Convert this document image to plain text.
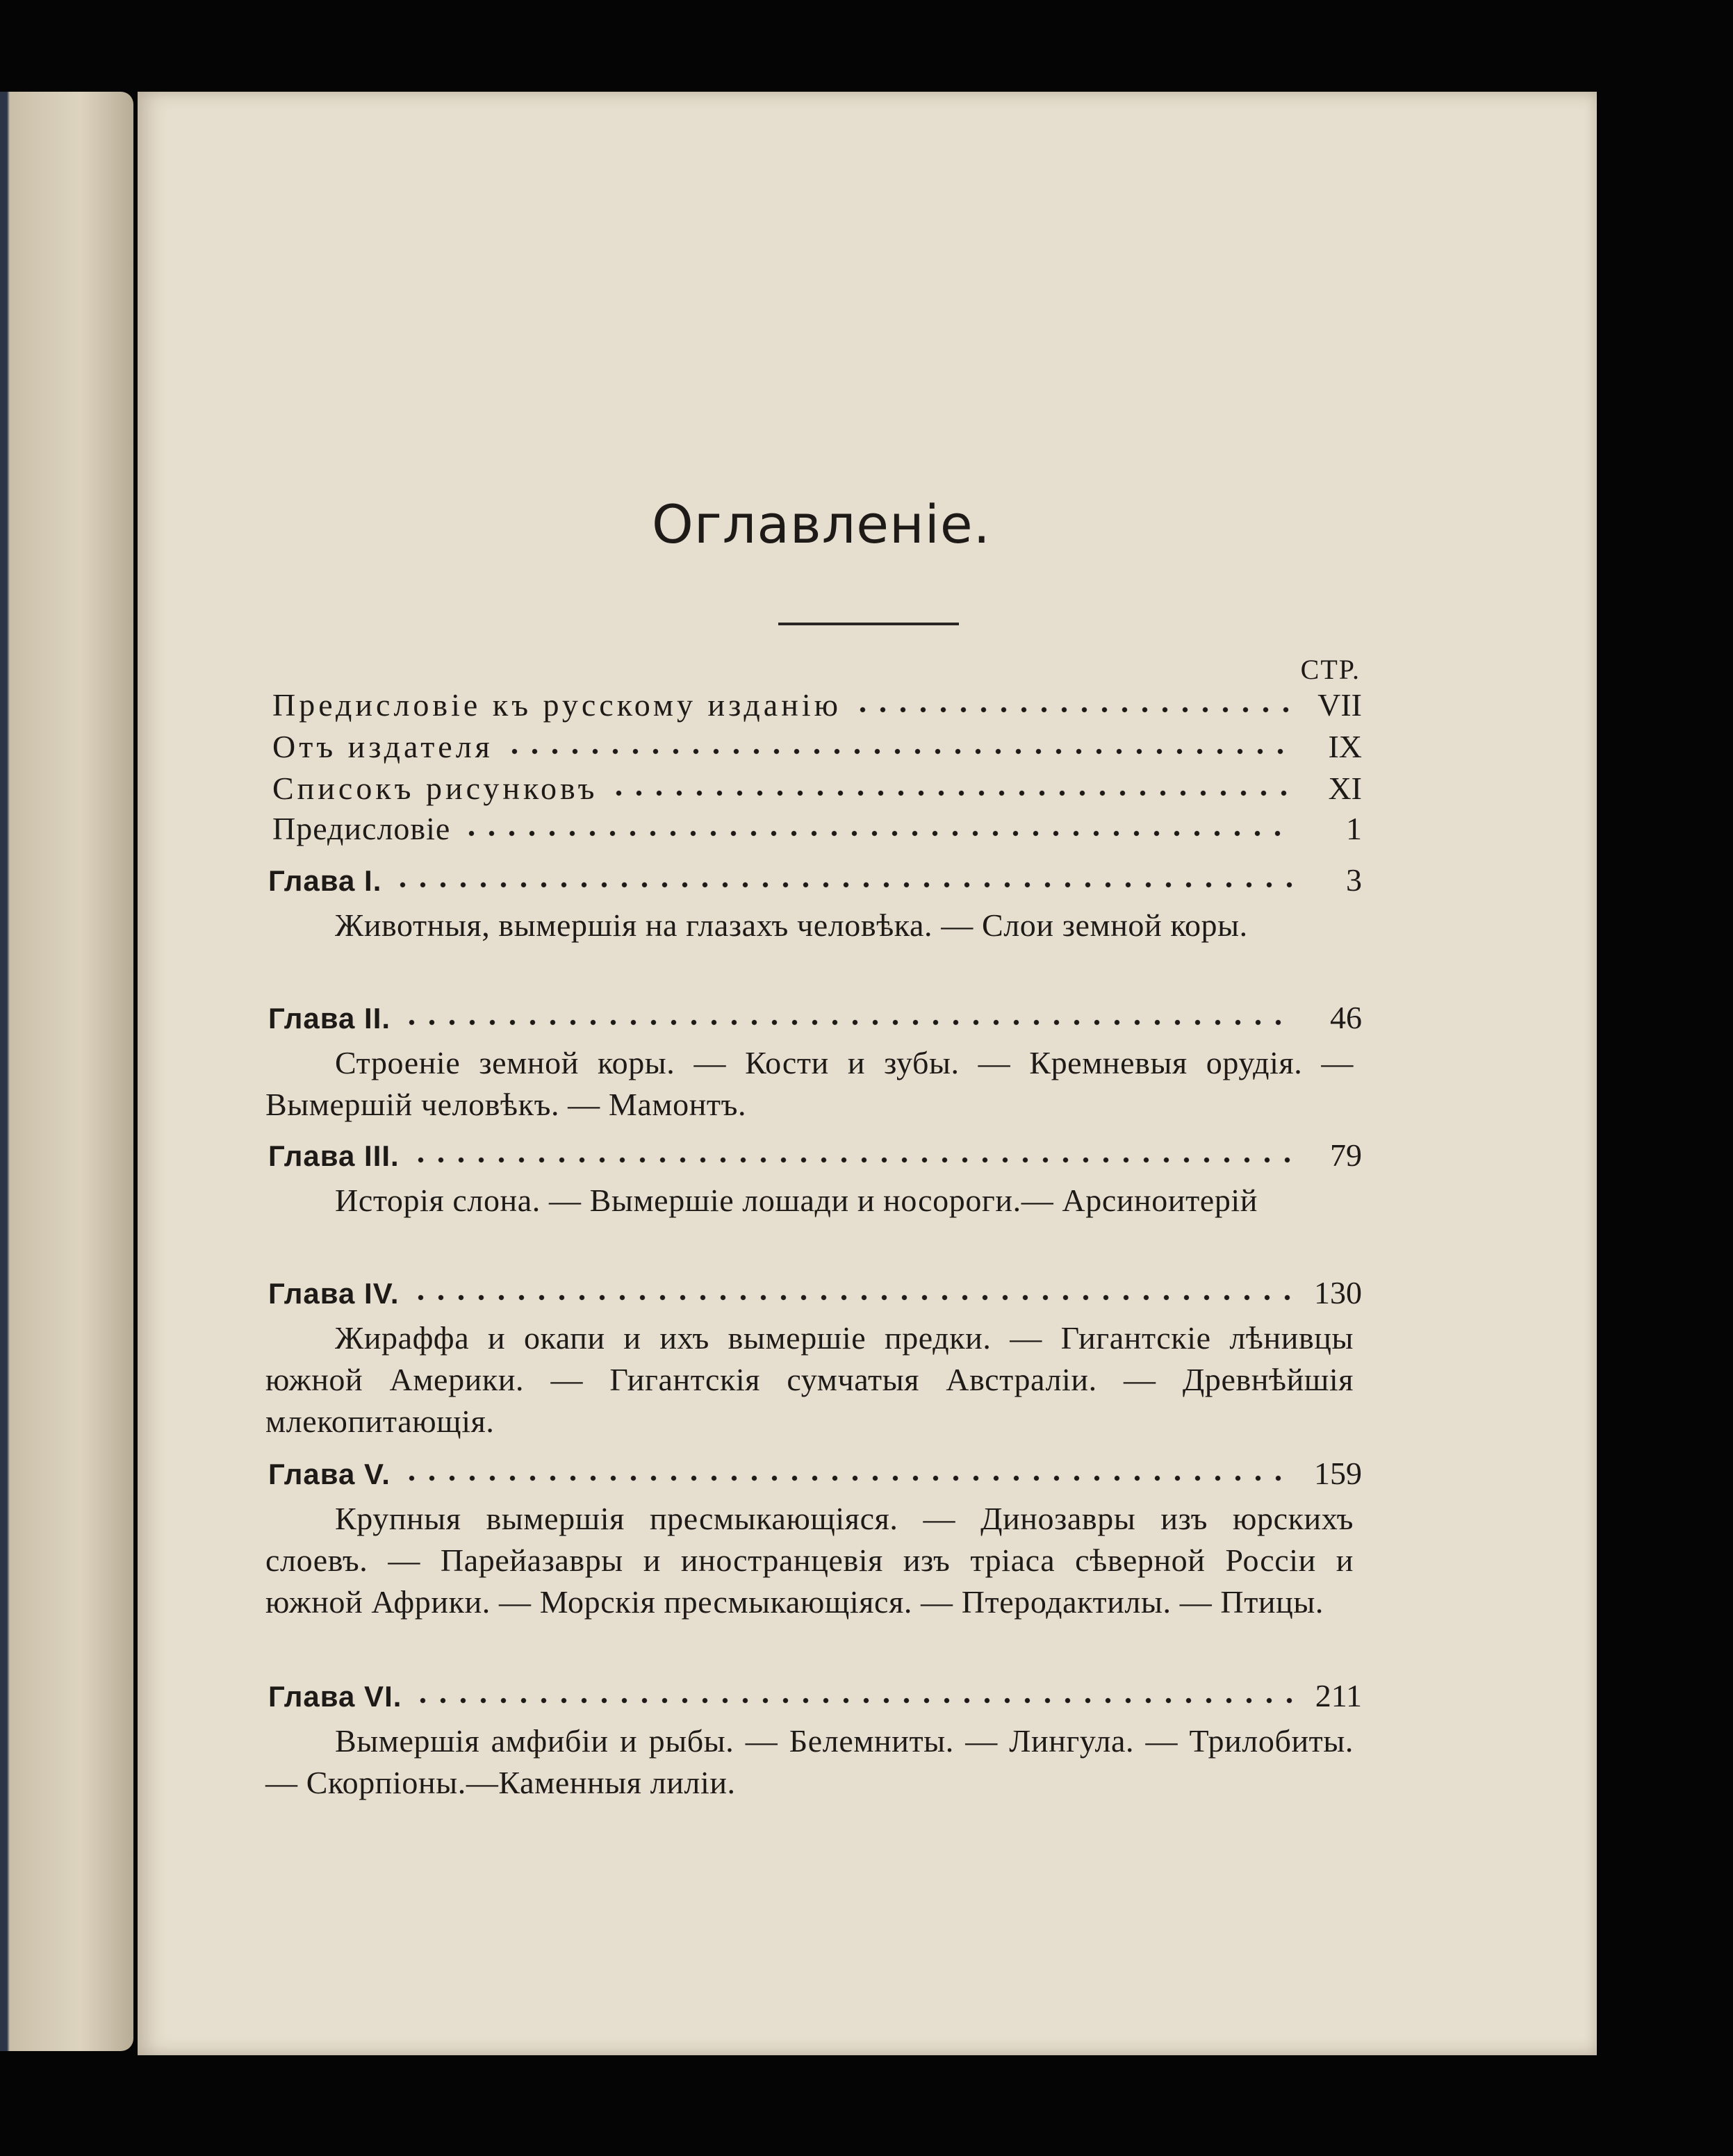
Оглавленіе.
СТР.
Предисловіе къ русскому изданію	VII
Отъ издателя	IX
Списокъ рисунковъ	XI
Предисловіе	1
Глава I.	3
Животныя, вымершія на глазахъ человѣка. — Слои земной коры.
Глава II.	46
Строеніе земной коры. — Кости и зубы. — Кремневыя орудія. — Вымершій человѣкъ. — Мамонтъ.
Глава III.	79
Исторія слона. — Вымершіе лошади и носороги.— Арсиноитерій
Глава IV.	130
Жираффа и окапи и ихъ вымершіе предки. — Гигантскіе лѣнивцы южной Америки. — Гигантскія сумчатыя Австраліи. — Древнѣйшія млекопитающія.
Глава V.	159
Крупныя вымершія пресмыкающіяся. — Динозавры изъ юрскихъ слоевъ. — Парейазавры и иностранцевія изъ тріаса сѣверной Россіи и южной Африки. — Морскія пресмыкающіяся. — Птеродактилы. — Птицы.
Глава VI.	211
Вымершія амфибіи и рыбы. — Белемниты. — Лингула. — Трилобиты. — Скорпіоны.—Каменныя лиліи.
